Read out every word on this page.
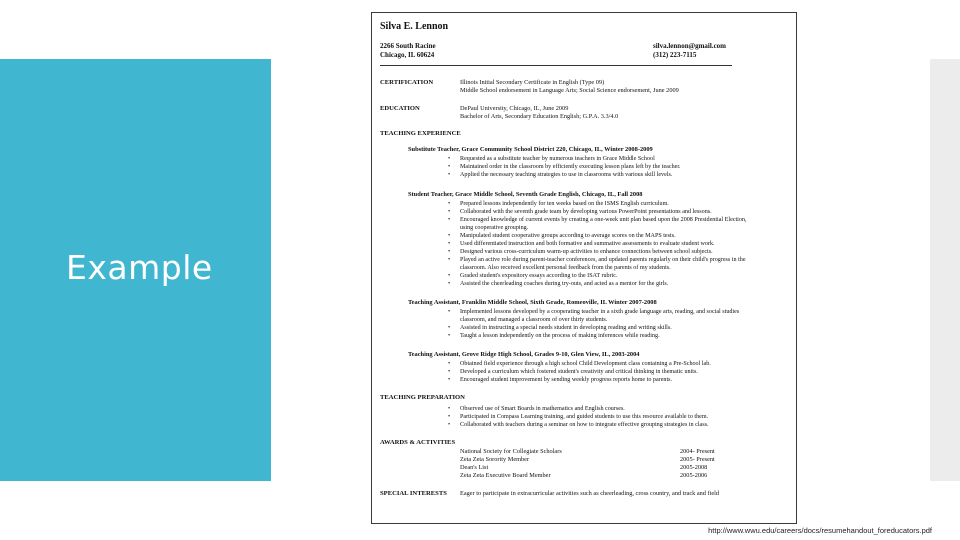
Example
Silva E. Lennon
2266 South Racine
Chicago, IL 60624
silva.lennon@gmail.com
(312) 223-7115
CERTIFICATION	Illinois Initial Secondary Certificate in English (Type 09)
Middle School endorsement in Language Arts; Social Science endorsement, June 2009
EDUCATION	DePaul University, Chicago, IL, June 2009
Bachelor of Arts, Secondary Education English; G.P.A. 3.3/4.0
TEACHING EXPERIENCE
Substitute Teacher, Grace Community School District 220, Chicago, IL, Winter 2008-2009
• Requested as a substitute teacher by numerous teachers in Grace Middle School
• Maintained order in the classroom by efficiently executing lesson plans left by the teacher.
• Applied the necessary teaching strategies to use in classrooms with various skill levels.
Student Teacher, Grace Middle School, Seventh Grade English, Chicago, IL, Fall 2008
• Prepared lessons independently for ten weeks based on the ISMS English curriculum.
• Collaborated with the seventh grade team by developing various PowerPoint presentations and lessons.
• Encouraged knowledge of current events by creating a one-week unit plan based upon the 2008 Presidential Election,
using cooperative grouping.
• Manipulated student cooperative groups according to average scores on the MAPS tests.
• Used differentiated instruction and both formative and summative assessments to evaluate student work.
• Designed various cross-curriculum warm-up activities to enhance connections between school subjects.
• Played an active role during parent-teacher conferences, and updated parents regularly on their child's progress in the
classroom. Also received excellent personal feedback from the parents of my students.
• Graded student's expository essays according to the ISAT rubric.
• Assisted the cheerleading coaches during try-outs, and acted as a mentor for the girls.
Teaching Assistant, Franklin Middle School, Sixth Grade, Romeoville, IL Winter 2007-2008
• Implemented lessons developed by a cooperating teacher in a sixth grade language arts, reading, and social studies
classroom, and managed a classroom of over thirty students.
• Assisted in instructing a special needs student in developing reading and writing skills.
• Taught a lesson independently on the process of making inferences while reading.
Teaching Assistant, Grove Ridge High School, Grades 9-10, Glen View, IL, 2003-2004
• Obtained field experience through a high school Child Development class containing a Pre-School lab.
• Developed a curriculum which fostered student's creativity and critical thinking in thematic units.
• Encouraged student improvement by sending weekly progress reports home to parents.
TEACHING PREPARATION
• Observed use of Smart Boards in mathematics and English courses.
• Participated in Compass Learning training, and guided students to use this resource available to them.
• Collaborated with teachers during a seminar on how to integrate effective grouping strategies in class.
AWARDS & ACTIVITIES
National Society for Collegiate Scholars	2004- Present
Zeta Zeta Sorority Member	2005- Present
Dean's List	2005-2008
Zeta Zeta Executive Board Member	2005-2006
SPECIAL INTERESTS Eager to participate in extracurricular activities such as cheerleading, cross country, and track and field
http://www.wwu.edu/careers/docs/resumehandout_foreducators.pdf
